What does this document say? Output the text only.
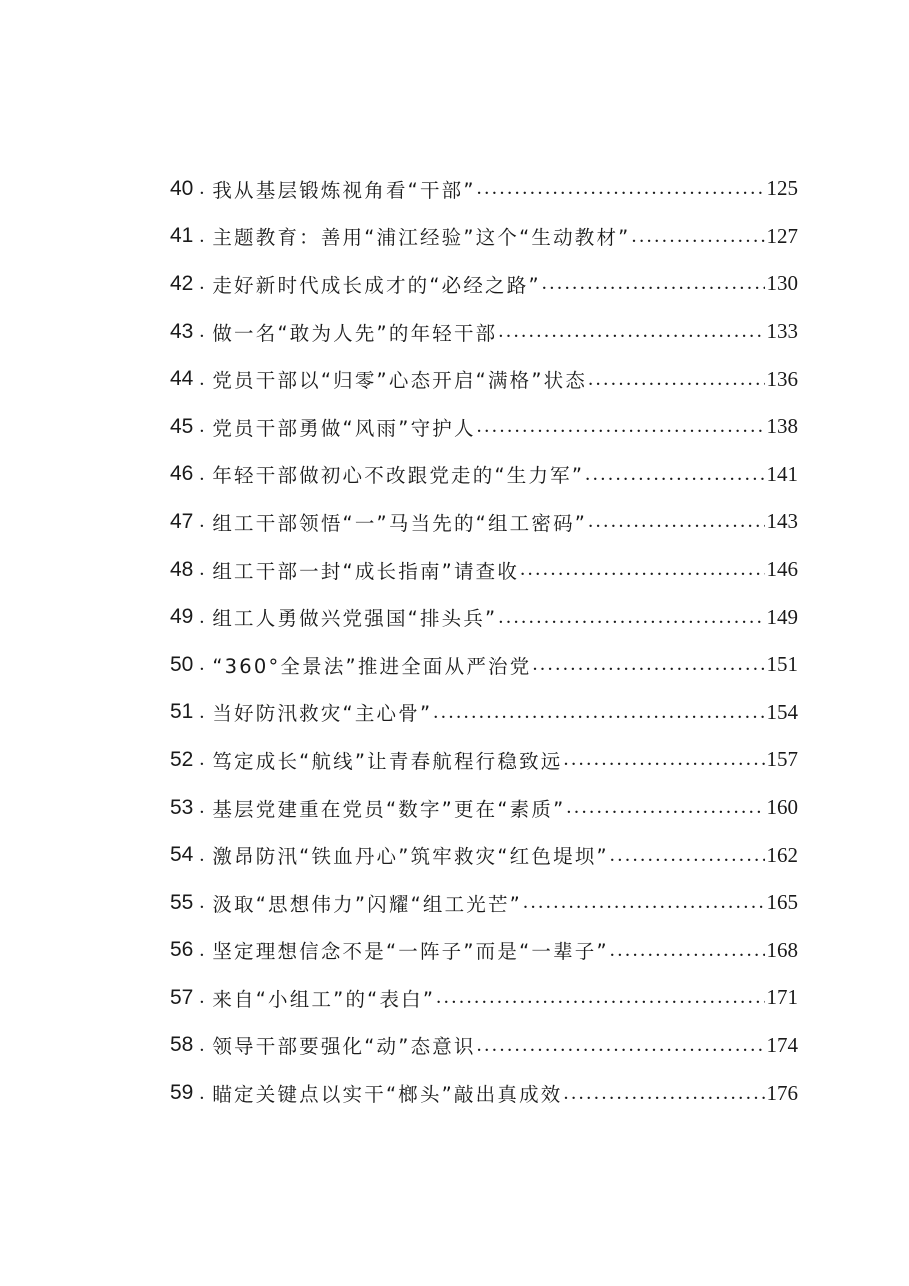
40 . 我从基层锻炼视角看“干部” .....	125
41 . 主题教育：善用“浦江经验”这个“生动教材” .....	127
42 . 走好新时代成长成才的“必经之路” .....	130
43 . 做一名“敢为人先”的年轻干部 .....	133
44 . 党员干部以“归零”心态开启“满格”状态 .....	136
45 . 党员干部勇做“风雨”守护人 .....	138
46 . 年轻干部做初心不改跟党走的“生力军” .....	141
47 . 组工干部领悟“一”马当先的“组工密码” .....	143
48 . 组工干部一封“成长指南”请查收 .....	146
49 . 组工人勇做兴党强国“排头兵” .....	149
50 . “360°全景法”推进全面从严治党 .....	151
51 . 当好防汛救灾“主心骨” .....	154
52 . 笃定成长“航线”让青春航程行稳致远 .....	157
53 . 基层党建重在党员“数字”更在“素质” .....	160
54 . 激昂防汛“铁血丹心”筑牢救灾“红色堤坝” .....	162
55 . 汲取“思想伟力”闪耀“组工光芒” .....	165
56 . 坚定理想信念不是“一阵子”而是“一辈子” .....	168
57 . 来自“小组工”的“表白” .....	171
58 . 领导干部要强化“动”态意识 .....	174
59 . 瞄定关键点以实干“榔头”敲出真成效 .....	176
